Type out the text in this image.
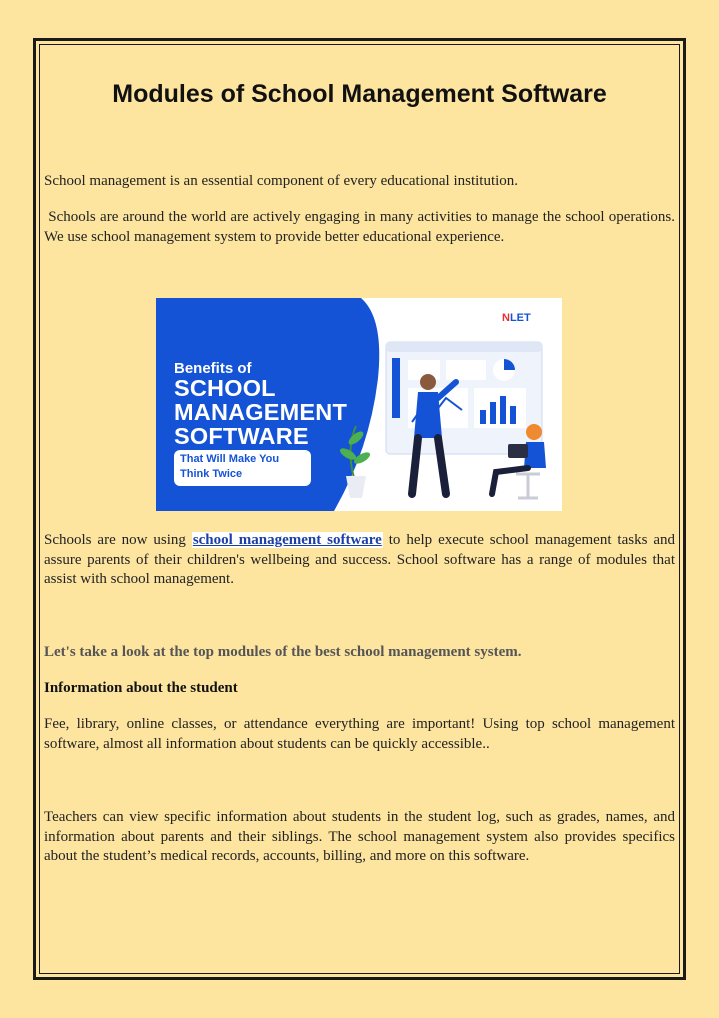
Modules of School Management Software

School management is an essential component of every educational institution.

Schools are around the world are actively engaging in many activities to manage the school operations. We use school management system to provide better educational experience.

Benefits of

SCHOOL

MANAGEMENT

SOFTWARE

That Will Make You

Think Twice

NLET

Schools are now using school management software to help execute school management tasks and assure parents of their children's wellbeing and success. School software has a range of modules that assist with school management.

Let's take a look at the top modules of the best school management system.

Information about the student

Fee, library, online classes, or attendance everything are important! Using top school management software, almost all information about students can be quickly accessible..

Teachers can view specific information about students in the student log, such as grades, names, and information about parents and their siblings. The school management system also provides specifics about the student’s medical records, accounts, billing, and more on this software.
